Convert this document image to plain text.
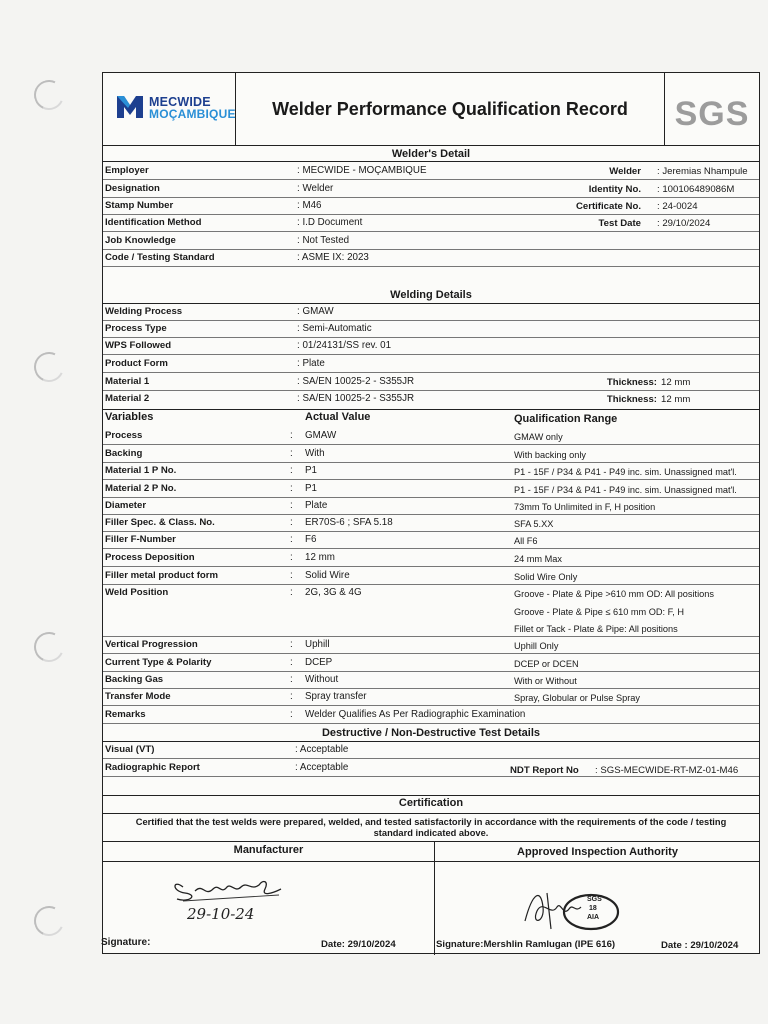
MECWIDE
MOÇAMBIQUE	Welder Performance Qualification Record	SGS
Welder's Detail
Employer	: MECWIDE - MOÇAMBIQUE	Welder : Jeremias Nhampule
Designation	: Welder	Identity No. : 100106489086M
Stamp Number	: M46	Certificate No. : 24-0024
Identification Method	: I.D Document	Test Date : 29/10/2024
Job Knowledge	: Not Tested
Code / Testing Standard	: ASME IX: 2023
Welding Details
Welding Process	: GMAW
Process Type	: Semi-Automatic
WPS Followed	: 01/24131/SS rev. 01
Product Form	: Plate
Material 1	: SA/EN 10025-2 - S355JR	Thickness: 12 mm
Material 2	: SA/EN 10025-2 - S355JR	Thickness: 12 mm
Variables	Actual Value	Qualification Range
Process	: GMAW	GMAW only
Backing	: With	With backing only
Material 1 P No.	: P1	P1 - 15F / P34 & P41 - P49 inc. sim. Unassigned mat'l.
Material 2 P No.	: P1	P1 - 15F / P34 & P41 - P49 inc. sim. Unassigned mat'l.
Diameter	: Plate	73mm To Unlimited in F, H position
Filler Spec. & Class. No.	: ER70S-6 ; SFA 5.18	SFA 5.XX
Filler F-Number	: F6	All F6
Process Deposition	: 12 mm	24 mm Max
Filler metal product form	: Solid Wire	Solid Wire Only
Weld Position	: 2G, 3G & 4G	Groove - Plate & Pipe >610 mm OD: All positions
Groove - Plate & Pipe ≤ 610 mm OD: F, H
Fillet or Tack - Plate & Pipe: All positions
Vertical Progression	: Uphill	Uphill Only
Current Type & Polarity	: DCEP	DCEP or DCEN
Backing Gas	: Without	With or Without
Transfer Mode	: Spray transfer	Spray, Globular or Pulse Spray
Remarks	: Welder Qualifies As Per Radiographic Examination
Destructive / Non-Destructive Test Details
Visual (VT)	: Acceptable
Radiographic Report	: Acceptable	NDT Report No : SGS-MECWIDE-RT-MZ-01-M46
Certification
Certified that the test welds were prepared, welded, and tested satisfactorily in accordance with the requirements of the code / testing
standard indicated above.
Manufacturer	Approved Inspection Authority
29-10-24
SGS
18
AIA
Signature:	Date: 29/10/2024	Signature:Mershlin Ramlugan (IPE 616)	Date : 29/10/2024
